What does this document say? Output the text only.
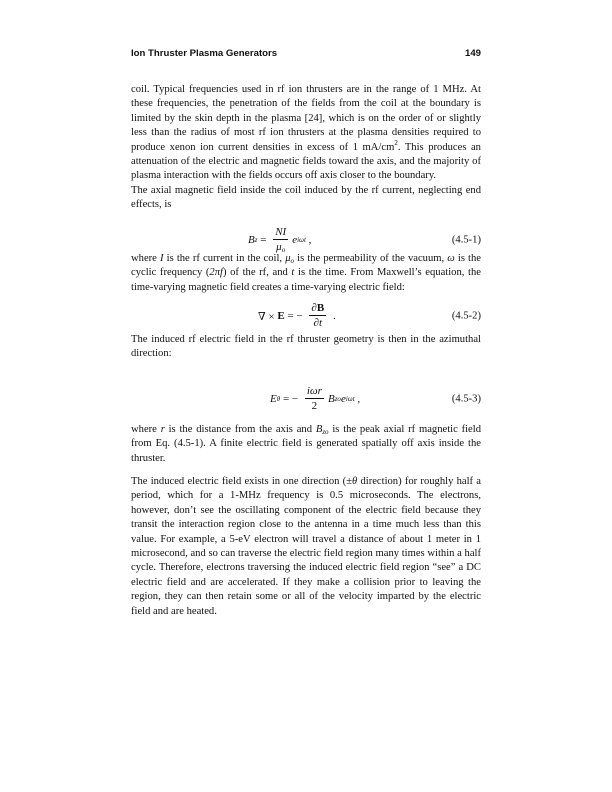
Ion Thruster Plasma Generators	149
coil. Typical frequencies used in rf ion thrusters are in the range of 1 MHz. At these frequencies, the penetration of the fields from the coil at the boundary is limited by the skin depth in the plasma [24], which is on the order of or slightly less than the radius of most rf ion thrusters at the plasma densities required to produce xenon ion current densities in excess of 1 $mA/cm^2$. This produces an attenuation of the electric and magnetic fields toward the axis, and the majority of plasma interaction with the fields occurs off axis closer to the boundary.
The axial magnetic field inside the coil induced by the rf current, neglecting end effects, is
B $z = \frac{NI}{\mu_o}$ e iωt ,	(4.5-1)
where I is the rf current in the coil, $\mu_o$ is the permeability of the vacuum, ω is the cyclic frequency (2πf) of the rf, and t is the time. From Maxwell’s equation, the time-varying magnetic field creates a time-varying electric field:
∇ × E = − $\frac{\partial B}{\partial t}$ .	(4.5-2)
The induced rf electric field in the rf thruster geometry is then in the azimuthal direction:
E θ = − $\frac{\text{iωr}}{2}$ B zo e iωt ,	(4.5-3)
where r is the distance from the axis and $B_{zo}$ is the peak axial rf magnetic field from Eq. (4.5-1). A finite electric field is generated spatially off axis inside the thruster.
The induced electric field exists in one direction (±θ direction) for roughly half a period, which for a 1-MHz frequency is 0.5 microseconds. The electrons, however, don’t see the oscillating component of the electric field because they transit the interaction region close to the antenna in a time much less than this value. For example, a 5-eV electron will travel a distance of about 1 meter in 1 microsecond, and so can traverse the electric field region many times within a half cycle. Therefore, electrons traversing the induced electric field region “see” a DC electric field and are accelerated. If they make a collision prior to leaving the region, they can then retain some or all of the velocity imparted by the electric field and are heated.
